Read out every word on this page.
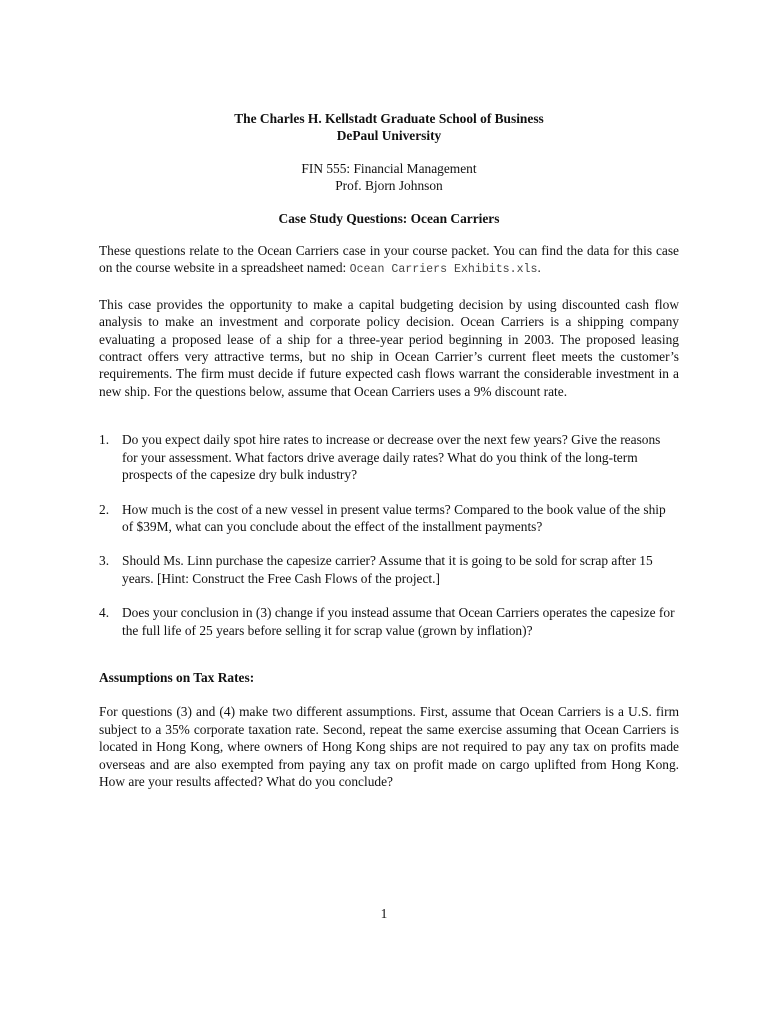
The Charles H. Kellstadt Graduate School of Business
DePaul University
FIN 555: Financial Management
Prof. Bjorn Johnson
Case Study Questions: Ocean Carriers

These questions relate to the Ocean Carriers case in your course packet. You can find the data for this case on the course website in a spreadsheet named: Ocean Carriers Exhibits.xls.

This case provides the opportunity to make a capital budgeting decision by using discounted cash flow analysis to make an investment and corporate policy decision. Ocean Carriers is a shipping company evaluating a proposed lease of a ship for a three-year period beginning in 2003. The proposed leasing contract offers very attractive terms, but no ship in Ocean Carrier’s current fleet meets the customer’s requirements. The firm must decide if future expected cash flows warrant the considerable investment in a new ship. For the questions below, assume that Ocean Carriers uses a 9% discount rate.

1. Do you expect daily spot hire rates to increase or decrease over the next few years? Give the reasons for your assessment. What factors drive average daily rates? What do you think of the long-term prospects of the capesize dry bulk industry?
2. How much is the cost of a new vessel in present value terms? Compared to the book value of the ship of $39M, what can you conclude about the effect of the installment payments?
3. Should Ms. Linn purchase the capesize carrier? Assume that it is going to be sold for scrap after 15 years. [Hint: Construct the Free Cash Flows of the project.]
4. Does your conclusion in (3) change if you instead assume that Ocean Carriers operates the capesize for the full life of 25 years before selling it for scrap value (grown by inflation)?
Assumptions on Tax Rates:

For questions (3) and (4) make two different assumptions. First, assume that Ocean Carriers is a U.S. firm subject to a 35% corporate taxation rate. Second, repeat the same exercise assuming that Ocean Carriers is located in Hong Kong, where owners of Hong Kong ships are not required to pay any tax on profits made overseas and are also exempted from paying any tax on profit made on cargo uplifted from Hong Kong. How are your results affected? What do you conclude?

1
